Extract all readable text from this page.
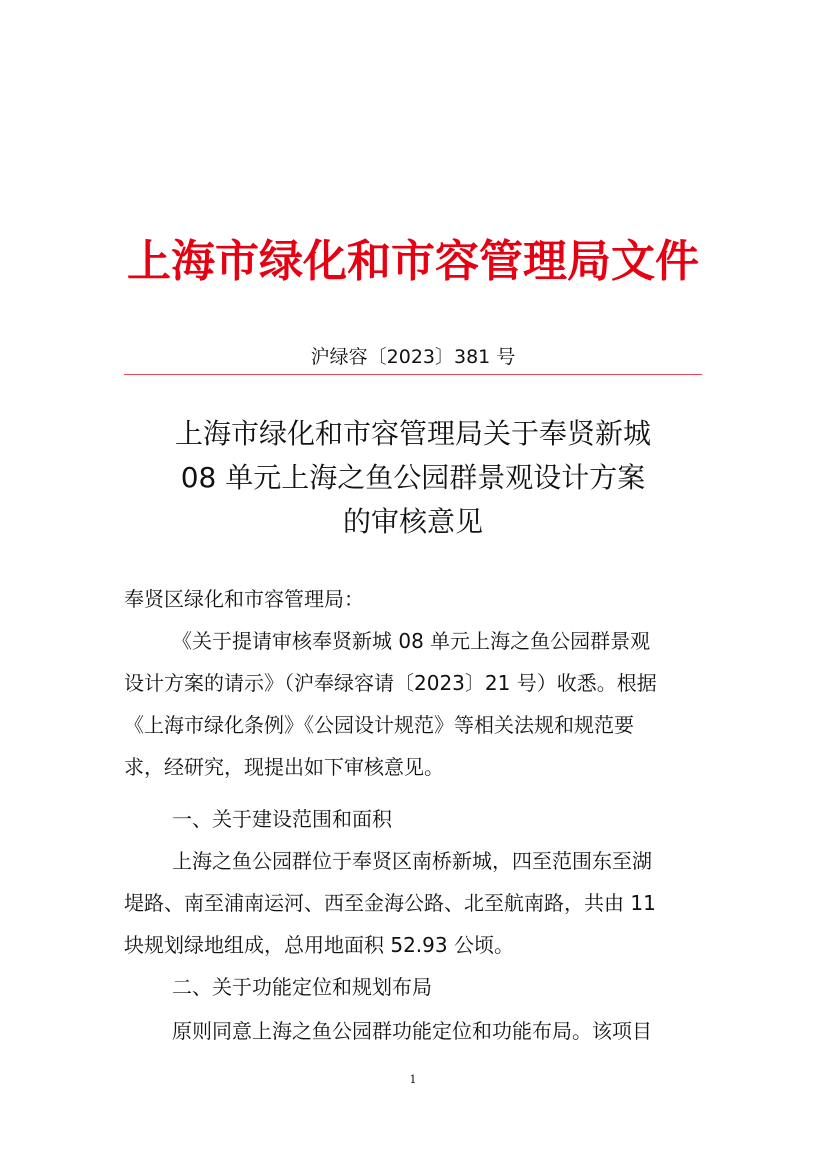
上海市绿化和市容管理局文件
沪绿容〔2023〕381 号
上海市绿化和市容管理局关于奉贤新城
08 单元上海之鱼公园群景观设计方案
的审核意见
奉贤区绿化和市容管理局：
《关于提请审核奉贤新城 08 单元上海之鱼公园群景观
设计方案的请示》（沪奉绿容请〔2023〕21 号）收悉。根据
《上海市绿化条例》《公园设计规范》等相关法规和规范要
求，经研究，现提出如下审核意见。
一、关于建设范围和面积
上海之鱼公园群位于奉贤区南桥新城，四至范围东至湖
堤路、南至浦南运河、西至金海公路、北至航南路，共由 11
块规划绿地组成，总用地面积 52.93 公顷。
二、关于功能定位和规划布局
原则同意上海之鱼公园群功能定位和功能布局。该项目
1
